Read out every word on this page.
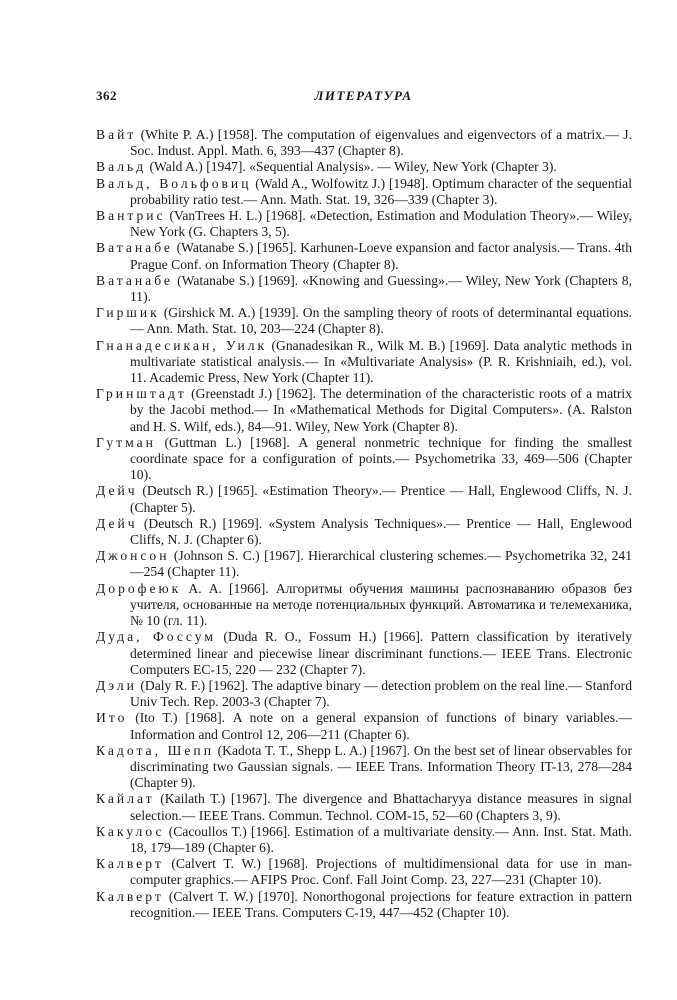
362	ЛИТЕРАТУРА

Вайт (White P. A.) [1958]. The computation of eigenvalues and eigenvectors of a matrix.— J. Soc. Indust. Appl. Math. 6, 393—437 (Chapter 8).

Вальд (Wald A.) [1947]. «Sequential Analysis». — Wiley, New York (Chapter 3).

Вальд, Вольфовиц (Wald A., Wolfowitz J.) [1948]. Optimum character of the sequential probability ratio test.— Ann. Math. Stat. 19, 326—339 (Chapter 3).

Вантрис (VanTrees H. L.) [1968]. «Detection, Estimation and Modulation Theory».— Wiley, New York (G. Chapters 3, 5).

Ватанабе (Watanabe S.) [1965]. Karhunen-Loeve expansion and factor analysis.— Trans. 4th Prague Conf. on Information Theory (Chapter 8).

Ватанабе (Watanabe S.) [1969]. «Knowing and Guessing».— Wiley, New York (Chapters 8, 11).

Гиршик (Girshick M. A.) [1939]. On the sampling theory of roots of determinantal equations.— Ann. Math. Stat. 10, 203—224 (Chapter 8).

Гнанадесикан, Уилк (Gnanadesikan R., Wilk M. B.) [1969]. Data analytic methods in multivariate statistical analysis.— In «Multivariate Analysis» (P. R. Krishniaih, ed.), vol. 11. Academic Press, New York (Chapter 11).

Гринштадт (Greenstadt J.) [1962]. The determination of the characteristic roots of a matrix by the Jacobi method.— In «Mathematical Methods for Digital Computers». (A. Ralston and H. S. Wilf, eds.), 84—91. Wiley, New York (Chapter 8).

Гутман (Guttman L.) [1968]. A general nonmetric technique for finding the smallest coordinate space for a configuration of points.— Psychometrika 33, 469—506 (Chapter 10).

Дейч (Deutsch R.) [1965]. «Estimation Theory».— Prentice — Hall, Englewood Cliffs, N. J. (Chapter 5).

Дейч (Deutsch R.) [1969]. «System Analysis Techniques».— Prentice — Hall, Englewood Cliffs, N. J. (Chapter 6).

Джонсон (Johnson S. C.) [1967]. Hierarchical clustering schemes.— Psychometrika 32, 241—254 (Chapter 11).

Дорофеюк А. А. [1966]. Алгоритмы обучения машины распознаванию образов без учителя, основанные на методе потенциальных функций. Автоматика и телемеханика, № 10 (гл. 11).

Дуда, Фоссум (Duda R. O., Fossum H.) [1966]. Pattern classification by iteratively determined linear and piecewise linear discriminant functions.— IEEE Trans. Electronic Computers EC-15, 220 — 232 (Chapter 7).

Дэли (Daly R. F.) [1962]. The adaptive binary — detection problem on the real line.— Stanford Univ Tech. Rep. 2003-3 (Chapter 7).

Ито (Ito T.) [1968]. A note on a general expansion of functions of binary variables.— Information and Control 12, 206—211 (Chapter 6).

Кадота, Шепп (Kadota T. T., Shepp L. A.) [1967]. On the best set of linear observables for discriminating two Gaussian signals. — IEEE Trans. Information Theory IT-13, 278—284 (Chapter 9).

Кайлат (Kailath T.) [1967]. The divergence and Bhattacharyya distance measures in signal selection.— IEEE Trans. Commun. Technol. COM-15, 52—60 (Chapters 3, 9).

Какулос (Cacoullos T.) [1966]. Estimation of a multivariate density.— Ann. Inst. Stat. Math. 18, 179—189 (Chapter 6).

Калверт (Calvert T. W.) [1968]. Projections of multidimensional data for use in man-computer graphics.— AFIPS Proc. Conf. Fall Joint Comp. 23, 227—231 (Chapter 10).

Калверт (Calvert T. W.) [1970]. Nonorthogonal projections for feature extraction in pattern recognition.— IEEE Trans. Computers C-19, 447—452 (Chapter 10).
